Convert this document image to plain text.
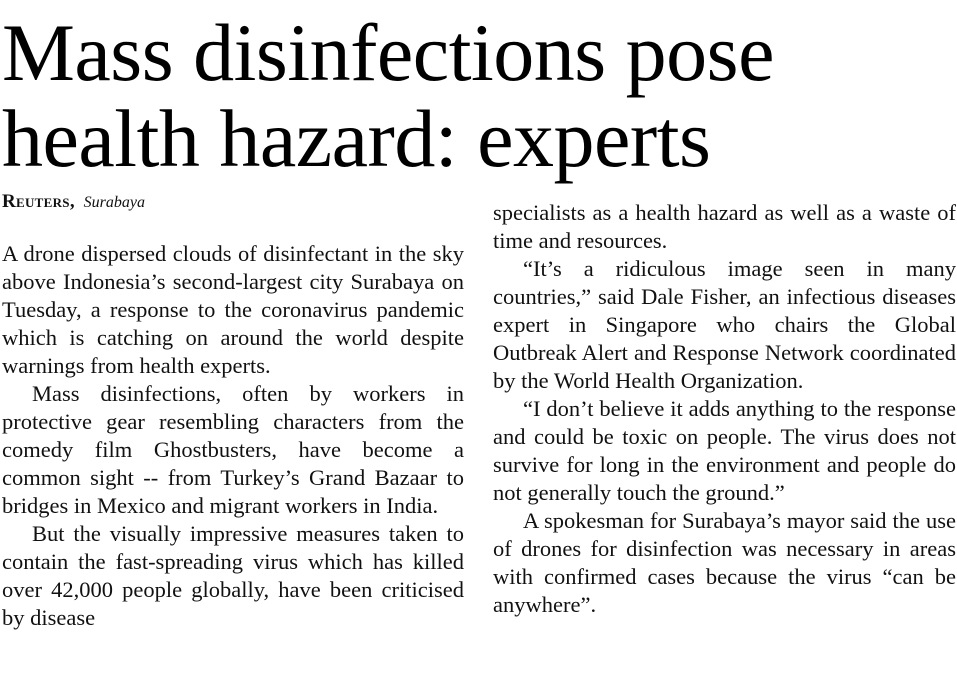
Mass disinfections pose health hazard: experts
Reuters, Surabaya

A drone dispersed clouds of disinfectant in the sky above Indonesia’s second-largest city Surabaya on Tuesday, a response to the coronavirus pandemic which is catching on around the world despite warnings from health experts.

Mass disinfections, often by workers in protective gear resembling characters from the comedy film Ghostbusters, have become a common sight -- from Turkey’s Grand Bazaar to bridges in Mexico and migrant workers in India.

But the visually impressive measures taken to contain the fast-spreading virus which has killed over 42,000 people globally, have been criticised by disease

specialists as a health hazard as well as a waste of time and resources.

“It’s a ridiculous image seen in many countries,” said Dale Fisher, an infectious diseases expert in Singapore who chairs the Global Outbreak Alert and Response Network coordinated by the World Health Organization.

“I don’t believe it adds anything to the response and could be toxic on people. The virus does not survive for long in the environment and people do not generally touch the ground.”

A spokesman for Surabaya’s mayor said the use of drones for disinfection was necessary in areas with confirmed cases because the virus “can be anywhere”.
